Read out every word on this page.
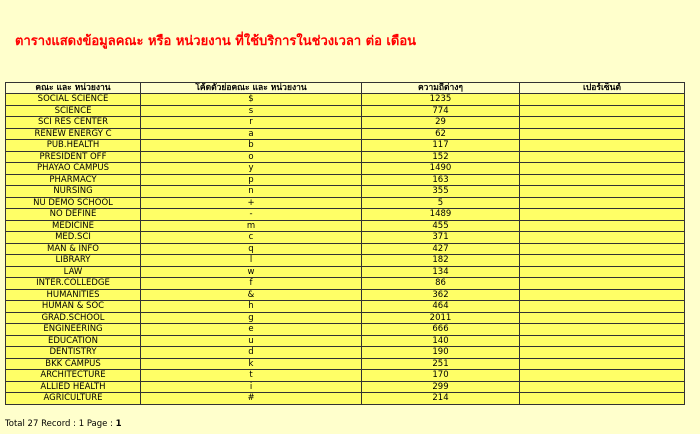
ตารางแสดงข้อมูลคณะ หรือ หน่วยงาน ที่ใช้บริการในช่วงเวลา ต่อ เดือน
คณะ และ หน่วยงาน	โค้ดตัวย่อคณะ และ หน่วยงาน	ความถี่ต่างๆ	เปอร์เซ็นต์
SOCIAL SCIENCE	$	1235	
SCIENCE	s	774	
SCI RES CENTER	r	29	
RENEW ENERGY C	a	62	
PUB.HEALTH	b	117	
PRESIDENT OFF	o	152	
PHAYAO CAMPUS	y	1490	
PHARMACY	p	163	
NURSING	n	355	
NU DEMO SCHOOL	+	5	
NO DEFINE	-	1489	
MEDICINE	m	455	
MED.SCI	c	371	
MAN & INFO	q	427	
LIBRARY	l	182	
LAW	w	134	
INTER.COLLEDGE	f	86	
HUMANITIES	&	362	
HUMAN & SOC	h	464	
GRAD.SCHOOL	g	2011	
ENGINEERING	e	666	
EDUCATION	u	140	
DENTISTRY	d	190	
BKK CAMPUS	k	251	
ARCHITECTURE	t	170	
ALLIED HEALTH	i	299	
AGRICULTURE	#	214	
Total 27 Record : 1 Page : 1
